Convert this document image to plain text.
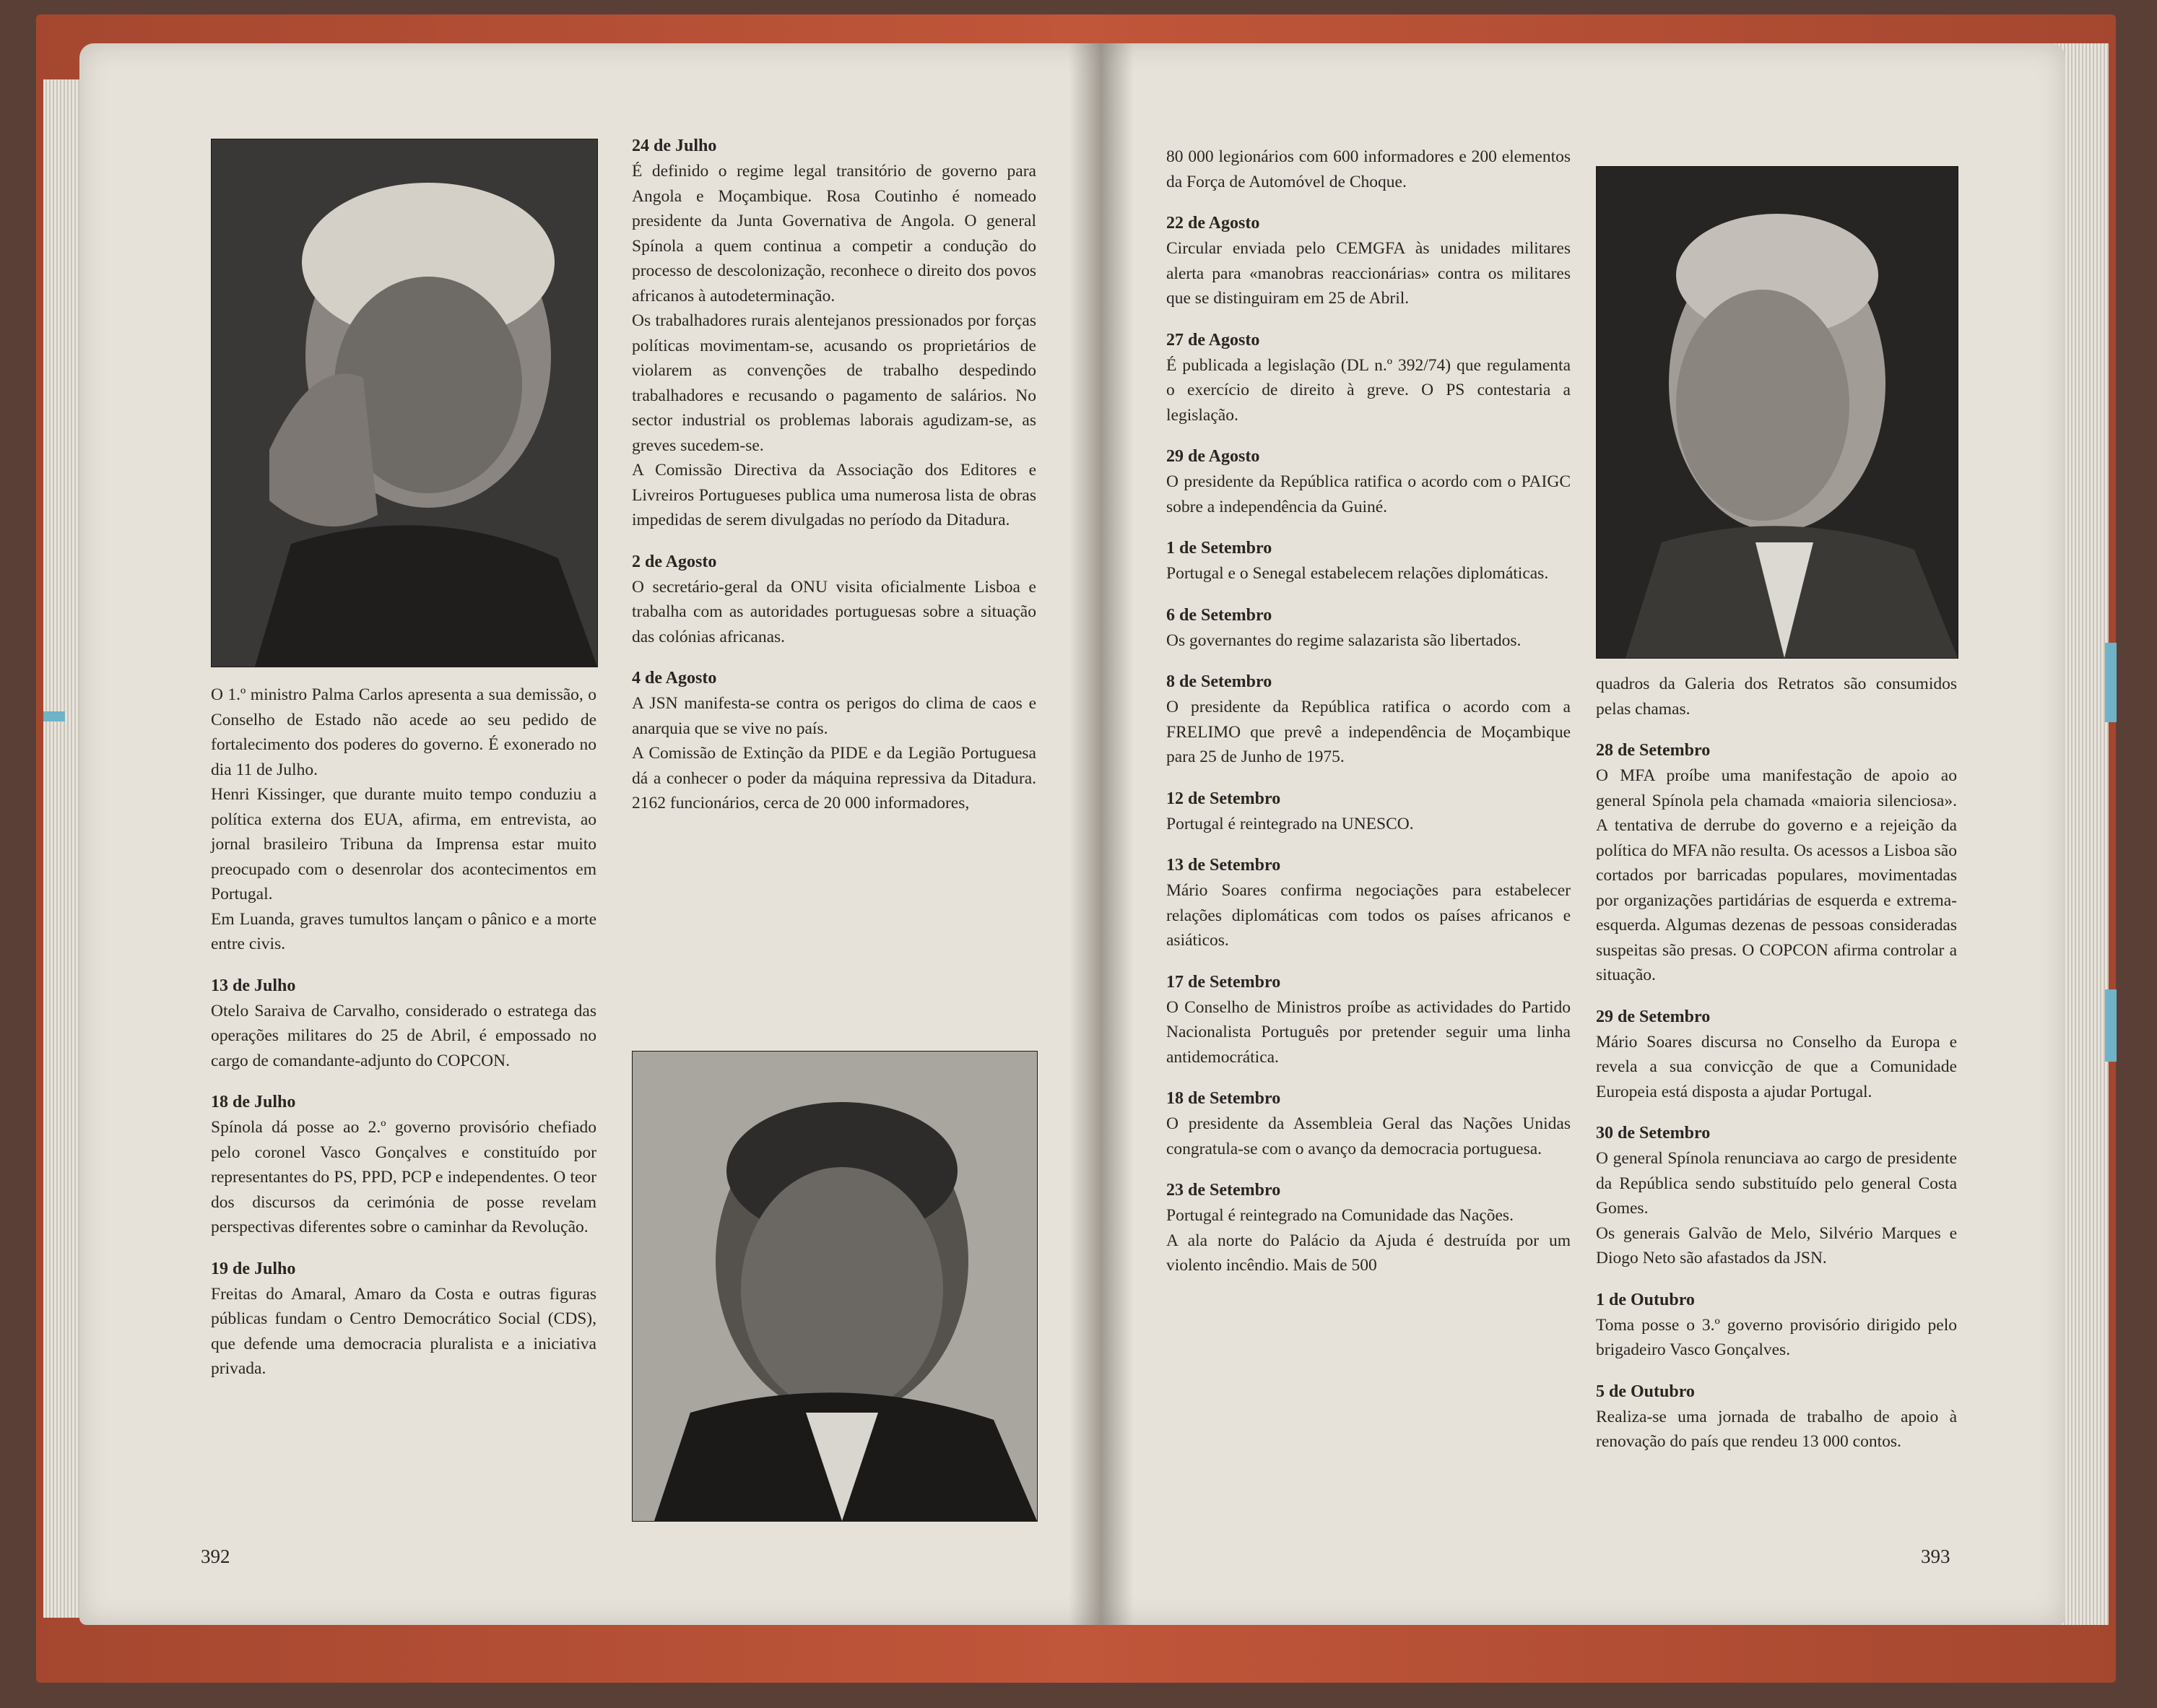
O 1.º ministro Palma Carlos apresenta a sua demissão, o Conselho de Estado não acede ao seu pedido de fortalecimento dos poderes do governo. É exonerado no dia 11 de Julho.

Henri Kissinger, que durante muito tempo conduziu a política externa dos EUA, afirma, em entrevista, ao jornal brasileiro Tribuna da Imprensa estar muito preocupado com o desenrolar dos acontecimentos em Portugal.

Em Luanda, graves tumultos lançam o pânico e a morte entre civis.

13 de Julho

Otelo Saraiva de Carvalho, considerado o estratega das operações militares do 25 de Abril, é empossado no cargo de comandante-adjunto do COPCON.

18 de Julho

Spínola dá posse ao 2.º governo provisório chefiado pelo coronel Vasco Gonçalves e constituído por representantes do PS, PPD, PCP e independentes. O teor dos discursos da cerimónia de posse revelam perspectivas diferentes sobre o caminhar da Revolução.

19 de Julho

Freitas do Amaral, Amaro da Costa e outras figuras públicas fundam o Centro Democrático Social (CDS), que defende uma democracia pluralista e a iniciativa privada.

24 de Julho

É definido o regime legal transitório de governo para Angola e Moçambique. Rosa Coutinho é nomeado presidente da Junta Governativa de Angola. O general Spínola a quem continua a competir a condução do processo de descolonização, reconhece o direito dos povos africanos à autodeterminação.

Os trabalhadores rurais alentejanos pressionados por forças políticas movimentam-se, acusando os proprietários de violarem as convenções de trabalho despedindo trabalhadores e recusando o pagamento de salários. No sector industrial os problemas laborais agudizam-se, as greves sucedem-se.

A Comissão Directiva da Associação dos Editores e Livreiros Portugueses publica uma numerosa lista de obras impedidas de serem divulgadas no período da Ditadura.

2 de Agosto

O secretário-geral da ONU visita oficialmente Lisboa e trabalha com as autoridades portuguesas sobre a situação das colónias africanas.

4 de Agosto

A JSN manifesta-se contra os perigos do clima de caos e anarquia que se vive no país.

A Comissão de Extinção da PIDE e da Legião Portuguesa dá a conhecer o poder da máquina repressiva da Ditadura. 2162 funcionários, cerca de 20 000 informadores,

392

80 000 legionários com 600 informadores e 200 elementos da Força de Automóvel de Choque.

22 de Agosto

Circular enviada pelo CEMGFA às unidades militares alerta para «manobras reaccionárias» contra os militares que se distinguiram em 25 de Abril.

27 de Agosto

É publicada a legislação (DL n.º 392/74) que regulamenta o exercício de direito à greve. O PS contestaria a legislação.

29 de Agosto

O presidente da República ratifica o acordo com o PAIGC sobre a independência da Guiné.

1 de Setembro

Portugal e o Senegal estabelecem relações diplomáticas.

6 de Setembro

Os governantes do regime salazarista são libertados.

8 de Setembro

O presidente da República ratifica o acordo com a FRELIMO que prevê a independência de Moçambique para 25 de Junho de 1975.

12 de Setembro

Portugal é reintegrado na UNESCO.

13 de Setembro

Mário Soares confirma negociações para estabelecer relações diplomáticas com todos os países africanos e asiáticos.

17 de Setembro

O Conselho de Ministros proíbe as actividades do Partido Nacionalista Português por pretender seguir uma linha antidemocrática.

18 de Setembro

O presidente da Assembleia Geral das Nações Unidas congratula-se com o avanço da democracia portuguesa.

23 de Setembro

Portugal é reintegrado na Comunidade das Nações.

A ala norte do Palácio da Ajuda é destruída por um violento incêndio. Mais de 500

quadros da Galeria dos Retratos são consumidos pelas chamas.

28 de Setembro

O MFA proíbe uma manifestação de apoio ao general Spínola pela chamada «maioria silenciosa». A tentativa de derrube do governo e a rejeição da política do MFA não resulta. Os acessos a Lisboa são cortados por barricadas populares, movimentadas por organizações partidárias de esquerda e extrema-esquerda. Algumas dezenas de pessoas consideradas suspeitas são presas. O COPCON afirma controlar a situação.

29 de Setembro

Mário Soares discursa no Conselho da Europa e revela a sua convicção de que a Comunidade Europeia está disposta a ajudar Portugal.

30 de Setembro

O general Spínola renunciava ao cargo de presidente da República sendo substituído pelo general Costa Gomes.

Os generais Galvão de Melo, Silvério Marques e Diogo Neto são afastados da JSN.

1 de Outubro

Toma posse o 3.º governo provisório dirigido pelo brigadeiro Vasco Gonçalves.

5 de Outubro

Realiza-se uma jornada de trabalho de apoio à renovação do país que rendeu 13 000 contos.

393
